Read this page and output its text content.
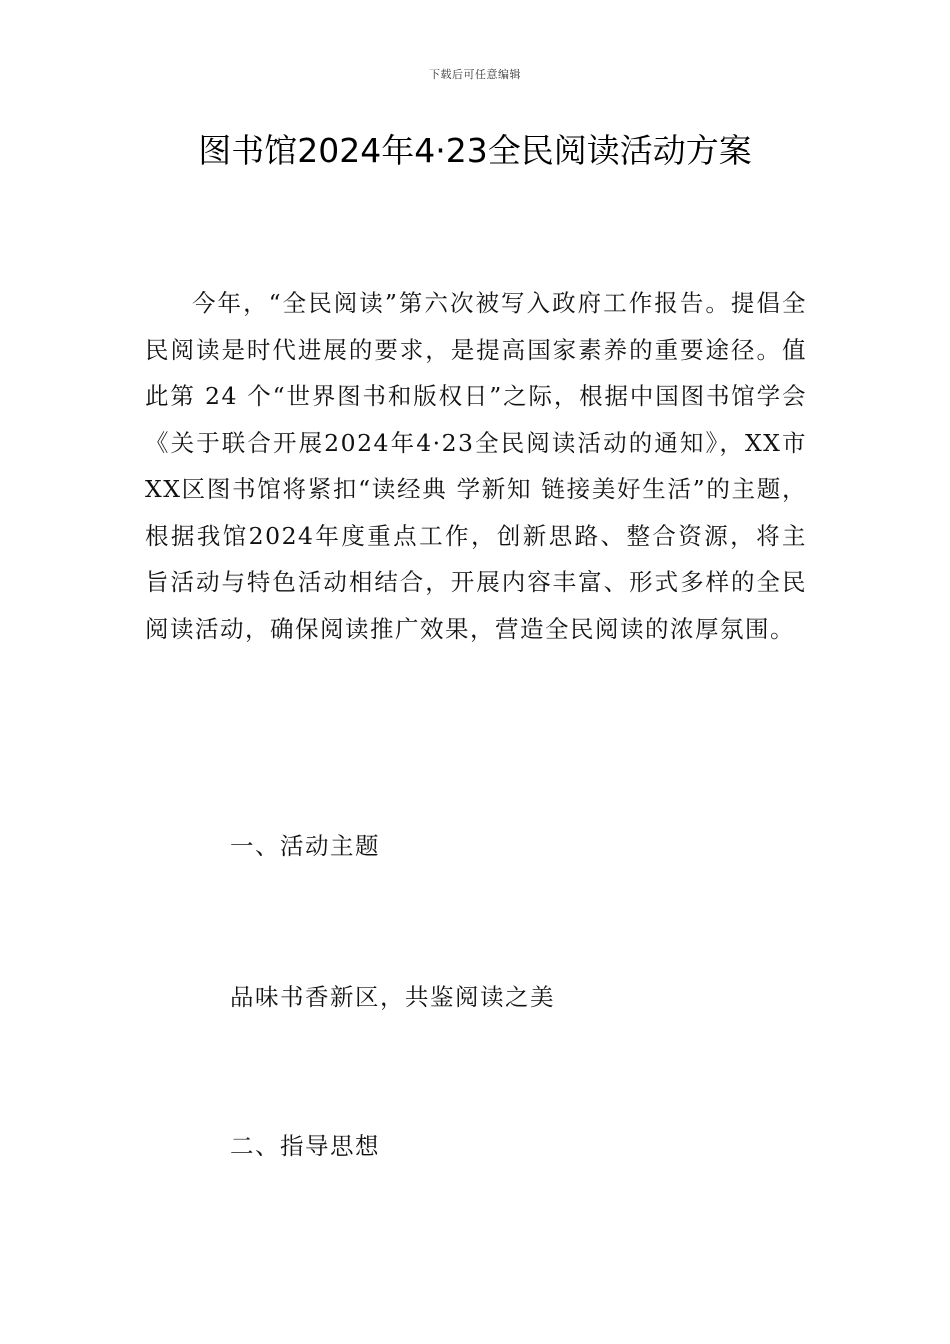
下载后可任意编辑
图书馆2024年4·23全民阅读活动方案

今年，“全民阅读”第六次被写入政府工作报告。提倡全民阅读是时代进展的要求，是提高国家素养的重要途径。值此第 24 个“世界图书和版权日”之际，根据中国图书馆学会《关于联合开展2024年4·23全民阅读活动的通知》，XX市XX区图书馆将紧扣“读经典 学新知 链接美好生活”的主题，根据我馆2024年度重点工作，创新思路、整合资源，将主旨活动与特色活动相结合，开展内容丰富、形式多样的全民阅读活动，确保阅读推广效果，营造全民阅读的浓厚氛围。

一、活动主题

品味书香新区，共鉴阅读之美

二、指导思想
